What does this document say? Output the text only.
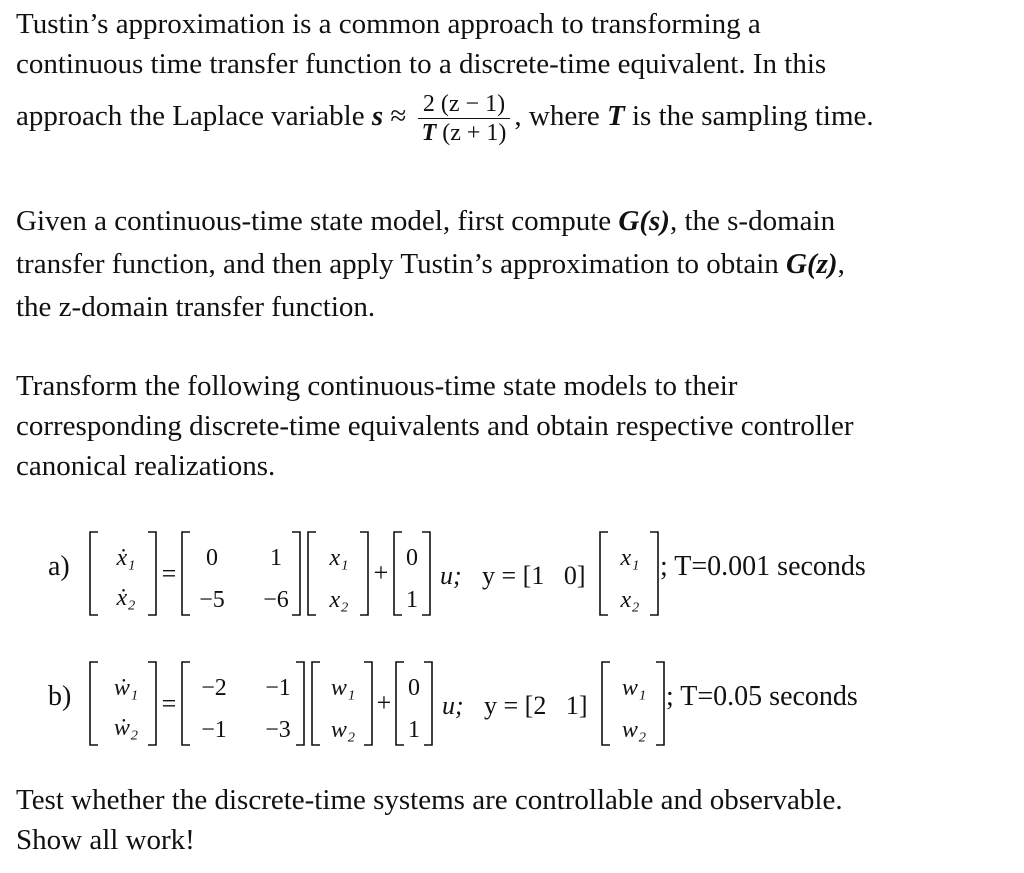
Tustin’s approximation is a common approach to transforming a
continuous time transfer function to a discrete-time equivalent. In this
approach the Laplace variable $s \approx \frac{2 (z - 1)}{T (z + 1)}$ , where T is the sampling time.
Given a continuous-time state model, first compute G(s), the s-domain
transfer function, and then apply Tustin’s approximation to obtain G(z),
the z-domain transfer function.
Transform the following continuous-time state models to their
corresponding discrete-time equivalents and obtain respective controller
canonical realizations.
a) ẋ₁
ẋ₂
=
0 1
−5 −6
x₁
x₂
+ 0
1
u; y = [1   0]
x₁
x₂
; T=0.001 seconds
b) ẇ₁
ẇ₂
=
−2 −1
−1 −3
w₁
w₂
+ 0
1
u; y = [2   1]
w₁
w₂
; T=0.05 seconds
Test whether the discrete-time systems are controllable and observable.
Show all work!
